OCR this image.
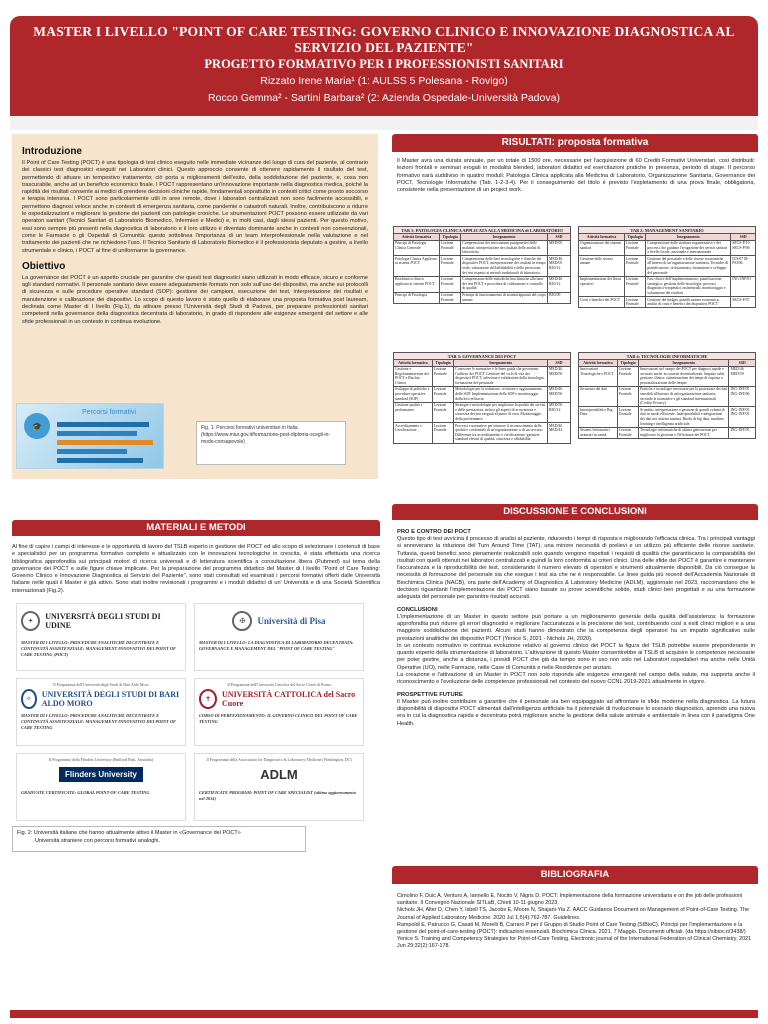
MASTER I LIVELLO "POINT OF CARE TESTING: GOVERNO CLINICO E INNOVAZIONE DIAGNOSTICA AL
SERVIZIO DEL PAZIENTE"
PROGETTO FORMATIVO PER I PROFESSIONISTI SANITARI
Rizzato Irene Maria¹ (1: AULSS 5 Polesana - Rovigo)
Rocco Gemma² - Sartini Barbara² (2: Azienda Ospedale-Università Padova)
Introduzione

Il Point of Care Testing (POCT) è una tipologia di test clinico eseguito nelle immediate vicinanze del luogo di cura del paziente, al contrario dei classici test diagnostici eseguiti nei Laboratori clinici. Questo approccio consente di ottenere rapidamente il risultato del test, permettendo di attuare un tempestivo trattamento; ciò porta a miglioramenti dell'esito, della soddisfazione del paziente, e, cosa non trascurabile, anche ad un beneficio economico finale. I POCT rappresentano un'innovazione importante nella diagnostica medica, poiché la rapidità dei risultati consente ai medici di prendere decisioni cliniche rapide, fondamentali soprattutto in contesti critici come pronto soccorso e terapia intensiva. I POCT sono particolarmente utili in aree remote, dove i laboratori centralizzati non sono facilmente accessibili, e permettono diagnosi veloce anche in contesti di emergenza sanitaria, come pandemie o catastrofi naturali. Inoltre, contribuiscono a ridurre le ospedalizzazioni e migliorare la gestione dei pazienti con patologie croniche. Le strumentazioni POCT possono essere utilizzate da vari operatori sanitari (Tecnici Sanitari di Laboratorio Biomedico, Infermieri e Medici) e, in molti casi, dagli stessi pazienti. Per questo motivo, essi sono sempre più presenti nella diagnostica di laboratorio e il loro utilizzo è diventato dominante anche in contesti non convenzionali, come le Farmacie o gli Ospedali di Comunità: questo sottolinea l'importanza di un team interprofessionale nella valutazione e nel trattamento dei pazienti che ne richiedono l'uso. Il Tecnico Sanitario di Laboratorio Biomedico è il professionista deputato a gestire, a livello strumentale e clinico, i POCT al fine di uniformarne la governance.

Obiettivo

La governance dei POCT è un aspetto cruciale per garantire che questi test diagnostici siano utilizzati in modo efficace, sicuro e conforme agli standard normativi. Il personale sanitario deve essere adeguatamente formato non solo sull'uso dei dispositivi, ma anche sui protocolli di sicurezza e sulle procedure operative standard (SOP): gestione dei campioni, esecuzione dei test, interpretazione dei risultati e manutenzione e calibrazione dei dispositivi. Lo scopo di questo lavoro è stato quello di elaborare una proposta formativa post lauream, declinata come Master di I livello (Fig.1), da attivare presso l'Università degli Studi di Padova, per preparare professionisti sanitari competenti nella governance della diagnostica decentrata di laboratorio, in grado di rispondere alle esigenze emergenti del settore e alle sfide professionali in un contesto in continua evoluzione.

🎓
Percorsi formativi
Fig. 1: Percorsi formativi universitari in Italia (https://www.miur.gov.it/formazione-post-diploma-scegli-in-modo-consapevole)
MATERIALI E METODI

Al fine di capire i campi di interesse e le opportunità di lavoro del TSLB esperto in gestione dei POCT ed allo scopo di selezionare i contenuti di base e specialistici per un programma formativo completo e attualizzato con le innovazioni tecnologiche in crescita, è stata effettuata una ricerca bibliografica approfondita sui principali motori di ricerca universali e di letteratura scientifica a consultazione libera (Pubmed) sul tema della governance dei POCT e sulle figure chiave implicate. Per la preparazione del programma didattico del Master di I livello "Point of Care Testing: Governo Clinico e Innovazione Diagnostica al Servizio del Paziente", sono stati consultati ed esaminati i percorsi formativi offerti dalle Università Italiane nelle quali il Master è già attivo. Sono stati inoltre revisionati i programmi e i moduli didattici di un' Università e di una Società Scientifica internazionali (Fig.2).

✦
UNIVERSITÀ DEGLI STUDI DI UDINE
MASTER DI I LIVELLO: PROCEDURE ANALITICHE DECENTRATE E CONTINUITÀ ASSISTENZIALE: MANAGEMENT INNOVATIVO DEI POINT OF CARE TESTING (POCT)
✠	Università di Pisa
MASTER DI I LIVELLO: LA DIAGNOSTICA DI LABORATORIO DECENTRATA: GOVERNANCE E MANAGEMENT DEL "POINT OF CARE TESTING"
Il Programma dell'Università degli Studi di Bari Aldo Moro
✧
UNIVERSITÀ DEGLI STUDI DI BARI ALDO MORO
MASTER DI I LIVELLO: PROCEDURE ANALITICHE DECENTRATE E CONTINUITÀ ASSISTENZIALE: MANAGEMENT INNOVATIVO DEI POINT OF CARE TESTING
Il Programma dell'Università Cattolica del Sacro Cuore di Roma
✝
UNIVERSITÀ CATTOLICA del Sacro Cuore
CORSO DI PERFEZIONAMENTO: IL GOVERNO CLINICO DEL POINT OF CARE TESTING
Il Programma della Flinders University (Bedford Park, Australia)
Flinders University
GRADUATE CERTIFICATE: GLOBAL POINT-OF-CARE TESTING
Il Programma della Association for Diagnostics & Laboratory Medicine (Washington, DC)
ADLM
CERTIFICATE PROGRAM: POINT OF CARE SPECIALIST (ultimo aggiornamento nel 2014)
Fig. 2: Università italiane che hanno attualmente attivo il Master in «Governance dei POCT»
Università straniere con percorsi formativi analoghi.
RISULTATI: proposta formativa

Il Master avrà una durata annuale, per un totale di 1500 ore, necessarie per l'acquisizione di 60 Crediti Formativi Universitari, così distribuiti: lezioni frontali e seminari erogati in modalità blended, laboratori didattici ed esercitazioni pratiche in presenza, periodo di stage. Il percorso formativo sarà suddiviso in quattro moduli: Patologia Clinica applicata alla Medicina di Laboratorio, Organizzazione Sanitaria, Governance dei POCT, Tecnologie Informatiche (Tab. 1-2-3-4). Per il conseguimento del titolo è previsto l'espletamento di una prova finale, obbligatoria, consistente nella presentazione di un project work.

TAB 1: PATOLOGIA CLINICA APPLICATA ALLA MEDICINA di LABORATORIO
Attività formativa	Tipologia	Insegnamento	SSD
Principi di Patologia Clinica Generale	Lezione Frontale	Comprensione dei meccanismi patogenetici delle malattie, interpretazione dei risultati delle analisi di laboratorio	MED/05
Patologia Clinica Applicata ai sistemi POCT	Lezione Frontale	Comprensione delle basi tecnologiche e cliniche dei dispositivi POCT, interpretazione dei risultati in tempo reale, valutazione dell'affidabilità e della precisione dei test rispetto ai metodi tradizionali di laboratorio	MED/46 MED/05 BIO/12
Biochimica clinica applicata ai sistemi POCT	Lezione Frontale	Comprensione delle metodiche biochimiche alla base dei test POCT e procedure di calibrazione e controllo di qualità	MED/46 BIO/12
Principi di Fisiologia	Lezione Frontale	Principi di funzionamento di sistemi/apparati del corpo umano	BIO/09
TAB 2: MANAGEMENT SANITARIO
Attività formativa	Tipologia	Insegnamento	SSD
Organizzazione dei sistemi sanitari	Lezione Frontale	Comprensione delle strutture organizzative e dei processi che guidano l'erogazione dei servizi sanitari a livello locale, nazionale e internazionale	SECS-P/10 SECS-P/06
Gestione delle risorse umane	Lezione Frontale	Gestione del personale e delle risorse economiche all'interno di un'organizzazione sanitaria. Tecniche di pianificazione, reclutamento, formazione e sviluppo del personale	IUS/07 M-PSI/06
Implementazione dei flussi operativi	Lezione Frontale	Fasi chiave dell'implementazione, pianificazione strategica, gestione delle tecnologie, processi diagnostici-terapeutici assistenziali, monitoraggio e valutazione dei risultati	ING-INF/01
Costi e benefici dei POCT	Lezione Frontale	Gestione dei budget, pianificazione economica, analisi di costi e benefici dei dispositivi POCT	SECS-P/07
TAB 3: GOVERNANCE DEI POCT
Attività formativa	Tipologia	Insegnamento	SSD
Gestione e Regolamentazione dei POCT e Rischio Clinico	Lezione Frontale	Conoscere le normative e le linee guida che governano l'utilizzo dei POCT. Gestione del ciclo di vita dei dispositivi POCT, selezione e validazione della tecnologia, formazione del personale	MED/46 MED/50
Sviluppo di politiche e procedure operative standard (SOP)	Lezione Frontale	Metodologie per la redazione, revisione e aggiornamento delle SOP. Implementazione delle SOP e monitoraggio della loro efficacia	MED/46 MED/50
Gestione qualità e performance	Lezione Frontale	Strategie e metodologie per migliorare la qualità dei servizi e delle prestazioni, inclusi gli aspetti di accuratezza e sicurezza dei test eseguiti al punto di cura. Monitoraggio della performance	MED/50 BIO/12
Accreditamento e Certificazione	Lezione Frontale	Processi e normative per ottenere il riconoscimento della qualità e conformità di un'organizzazione o di un servizio. Differenze tra accreditamento e certificazione: garanzie standard elevati di qualità, sicurezza e affidabilità	MED/46 MED/42
TAB 4: TECNOLOGIE INFORMATICHE
Attività formativa	Tipologia	Insegnamento	SSD
Innovazioni Tecnologiche e POCT	Lezione Frontale	Innovazioni nel campo dei POCT per diagnosi rapide e accurate anche in contesti decentralizzati. Impatto sulla gestione clinica: ottimizzazione dei tempi di risposta e personalizzazione delle terapie	MED/46 MED/50
Sicurezza dei dati	Lezione Frontale	Pratiche e tecnologie necessarie per la protezione dei dati sensibili all'interno di un'organizzazione sanitaria, secondo le normative e gli standard internazionali (Codice Privacy)	ING-INF/05 ING-INF/06
Interoperabilità e Big Data	Lezione Frontale	Scambio, interpretazione e gestione di grandi volumi di dati in modo efficiente. Interoperabilità e integrazione dei dati nei sistemi sanitari. Ruolo di big data, machine learning e intelligenza artificiale	ING-INF/05 ING-INF/03
Sistemi Informativi avanzati in sanità	Lezione Frontale	Tecnologie informatiche di ultima generazione per migliorare la gestione e l'efficienza dei POCT	ING-INF/05
DISCUSSIONE E CONCLUSIONI
PRO E CONTRO DEI POCT

Questo tipo di test avvicina il processo di analisi al paziente, riducendo i tempi di risposta e migliorando l'efficacia clinica. Tra i principali vantaggi si annoverano la riduzione del Turn Around Time (TAT), una minore necessità di prelievi e un utilizzo più efficiente delle risorse sanitarie. Tuttavia, questi benefici sono pienamente realizzabili solo quando vengono rispettati i requisiti di qualità che garantiscano la comparabilità dei risultati con quelli ottenuti nei laboratori centralizzati e quindi la loro conformità ai criteri clinici. Una delle sfide dei POCT è garantire e mantenere l'accuratezza e la riproducibilità dei test, considerando il numero elevato di operatori e strumenti attualmente disponibili. Da ciò consegue la necessità di formazione del personale sia che esegue i test sia che ne è responsabile. Le linee guida più recenti dell'Accademia Nazionale di Biochimica Clinica (NACB), ora parte dell'Academy of Diagnostics & Laboratory Medicine (ADLM), aggiornate nel 2023, raccomandano che le decisioni riguardanti l'implementazione dei POCT siano basate su prove scientifiche solide, studi clinici ben progettati e su una formazione adeguata del personale per garantire risultati accurati.

CONCLUSIONI

L'implementazione di un Master in questo settore può portare a un miglioramento generale della qualità dell'assistenza: la formazione approfondita può ridurre gli errori diagnostici e migliorare l'accuratezza e la precisione dei test, contribuendo così a esiti clinici migliori e a una maggiore soddisfazione dei pazienti. Alcuni studi hanno dimostrato che la competenza degli operatori ha un impatto significativo sulle prestazioni analitiche dei dispositivi POCT (Yenice S, 2021 - Nichols JH, 2020).

In un contesto normativo in continua evoluzione relativo al governo clinico dei POCT la figura del TSLB potrebbe essere preponderante in quanto esperto della strumentazione di laboratorio. L'attivazione di questo Master consentirebbe ai TSLB di acquisire le competenze necessarie per poter gestire, anche a distanza, i presidi POCT che già da tempo sono in uso non solo nei Laboratori ospedalieri ma anche nelle Unità Operative (UO), nelle Farmacie, nelle Case di Comunità e nelle Residenze per anziani.

La creazione e l'attivazione di un Master in POCT non solo risponde alle esigenze emergenti nel campo della salute, ma supporta anche il riconoscimento e l'evoluzione delle competenze professionali nel contesto del nuovo CCNL 2019-2021 attualmente in vigore.

PROSPETTIVE FUTURE

Il Master può inoltre contribuire a garantire che il personale sia ben equipaggiato ad affrontare le sfide moderne nella diagnostica. La futura disponibilità di dispositivi POCT alimentati dall'intelligenza artificiale ha il potenziale di rivoluzionare lo scenario diagnostico, aprendo una nuova era in cui la diagnostica rapida e decentrata potrà migliorare anche la gestione della salute animale e ambientale in linea con il paradigma One Health.

BIBLIOGRAFIA
Cimolino F, Duic A, Venturo A, Iannello E, Nocito V, Nigris D. POCT: Implementazione della formazione universitaria e on the job delle professioni sanitarie. II Convegno Nazionale SITLaB, Chieti 10-11 giugno 2023.
Nichols JH, Alter D, Chen Y, Isbell TS, Jacobs E, Moore N, Shajani-Yia Z. AACC Guidance Document on Management of Point-of-Care Testing. The Journal of Applied Laboratory Medicine. 2020 Jul 1;5(4):762-787. Guidelines.
Rampoldi E, Patrucco G, Casati M, Morelli B, Carraro P per il Gruppo di Studio Point of Care Testing (SIBioC). Principi per l'implementazione e la gestione del point-of-care-testing (POCT): indicazioni essenziali. Biochimica Clinica. 2021. 7 Maggio. Documenti ufficiali. (da https://sibioc.it/3438/)
Yenice S. Training and Competency Strategies for Point-of-Care Testing. Electronic journal of the International Federation of Clinical Chemistry. 2021 Jun 29;32(2):167-178.
